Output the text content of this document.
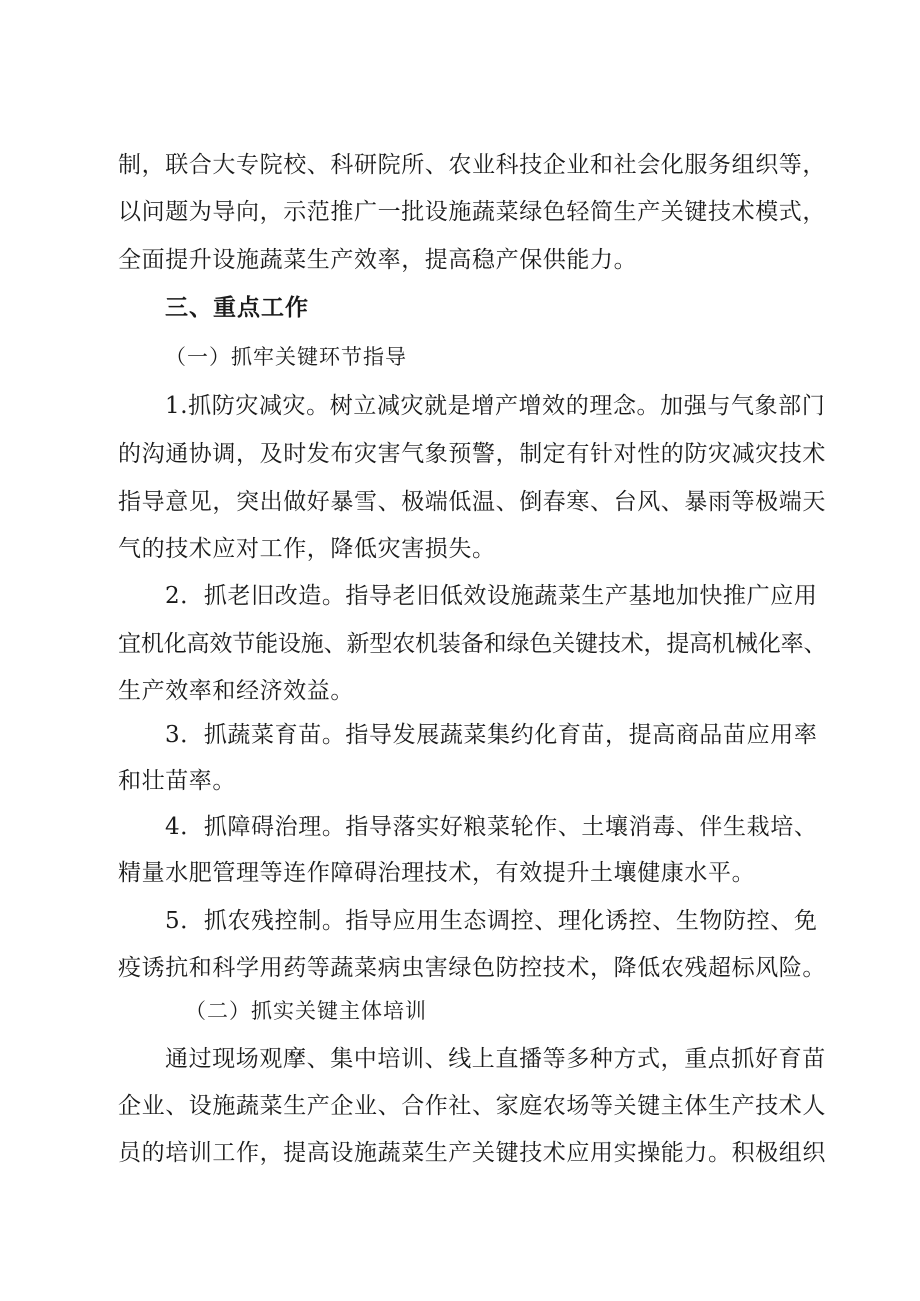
制，联合大专院校、科研院所、农业科技企业和社会化服务组织等，
以问题为导向，示范推广一批设施蔬菜绿色轻简生产关键技术模式，
全面提升设施蔬菜生产效率，提高稳产保供能力。
三、重点工作
（一）抓牢关键环节指导
1.抓防灾减灾。树立减灾就是增产增效的理念。加强与气象部门
的沟通协调，及时发布灾害气象预警，制定有针对性的防灾减灾技术
指导意见，突出做好暴雪、极端低温、倒春寒、台风、暴雨等极端天
气的技术应对工作，降低灾害损失。
2．抓老旧改造。指导老旧低效设施蔬菜生产基地加快推广应用
宜机化高效节能设施、新型农机装备和绿色关键技术，提高机械化率、
生产效率和经济效益。
3．抓蔬菜育苗。指导发展蔬菜集约化育苗，提高商品苗应用率
和壮苗率。
4．抓障碍治理。指导落实好粮菜轮作、土壤消毒、伴生栽培、
精量水肥管理等连作障碍治理技术，有效提升土壤健康水平。
5．抓农残控制。指导应用生态调控、理化诱控、生物防控、免
疫诱抗和科学用药等蔬菜病虫害绿色防控技术，降低农残超标风险。
（二）抓实关键主体培训
通过现场观摩、集中培训、线上直播等多种方式，重点抓好育苗
企业、设施蔬菜生产企业、合作社、家庭农场等关键主体生产技术人
员的培训工作，提高设施蔬菜生产关键技术应用实操能力。积极组织
